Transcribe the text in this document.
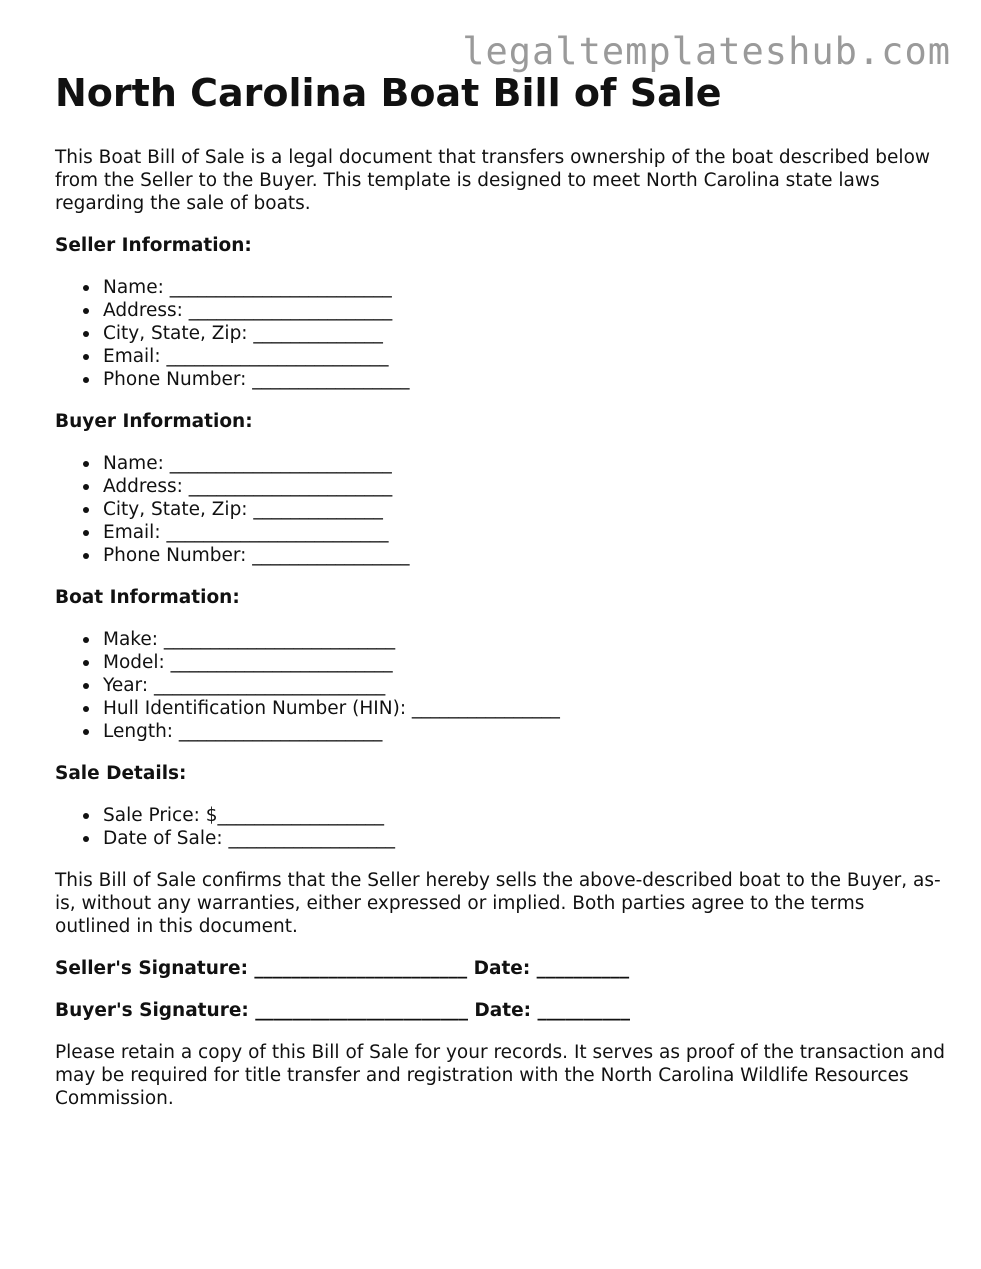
legaltemplateshub.com
North Carolina Boat Bill of Sale

This Boat Bill of Sale is a legal document that transfers ownership of the boat described below from the Seller to the Buyer. This template is designed to meet North Carolina state laws regarding the sale of boats.

Seller Information:
Name: ________________________
Address: ______________________
City, State, Zip: ______________
Email: ________________________
Phone Number: _________________
Buyer Information:
Name: ________________________
Address: ______________________
City, State, Zip: ______________
Email: ________________________
Phone Number: _________________
Boat Information:
Make: _________________________
Model: ________________________
Year: _________________________
Hull Identification Number (HIN): ________________
Length: ______________________
Sale Details:
Sale Price: $__________________
Date of Sale: __________________

This Bill of Sale confirms that the Seller hereby sells the above-described boat to the Buyer, as-is, without any warranties, either expressed or implied. Both parties agree to the terms outlined in this document.

Seller's Signature: _______________________ Date: __________
Buyer's Signature: _______________________ Date: __________

Please retain a copy of this Bill of Sale for your records. It serves as proof of the transaction and may be required for title transfer and registration with the North Carolina Wildlife Resources Commission.
